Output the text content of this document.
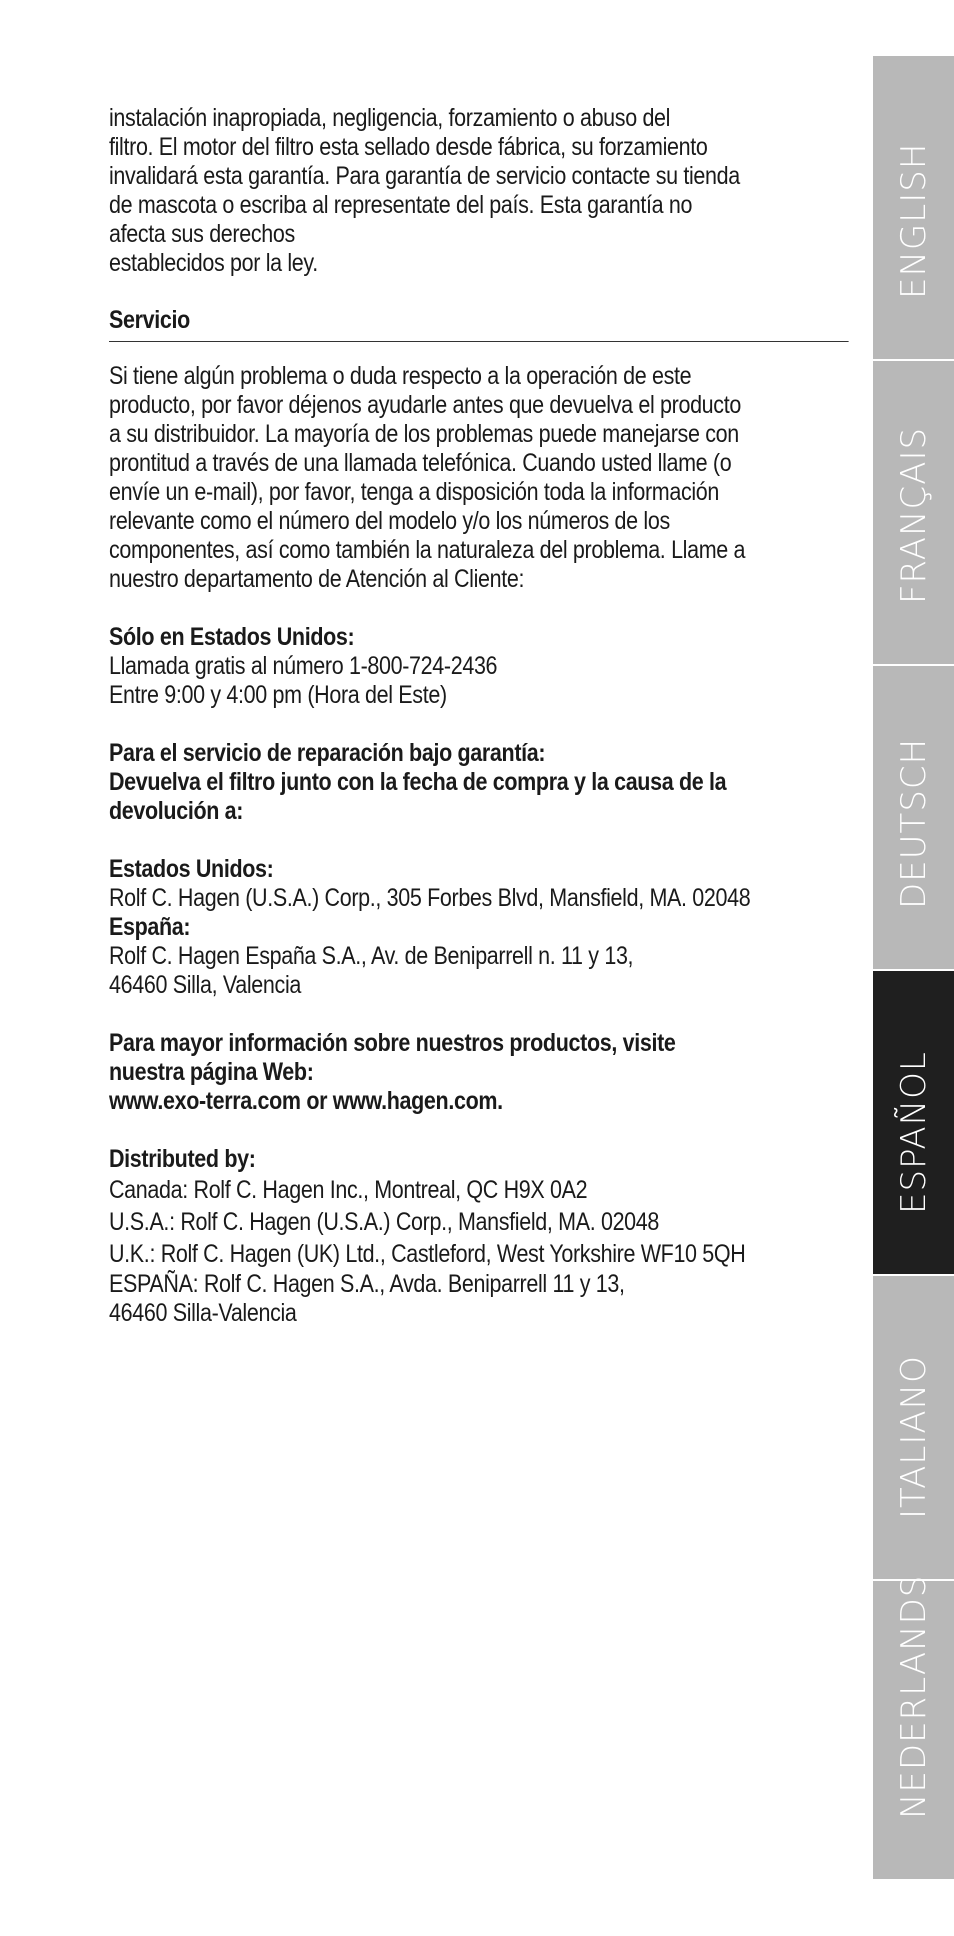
instalación inapropiada, negligencia, forzamiento o abuso del
filtro. El motor del filtro esta sellado desde fábrica, su forzamiento
invalidará esta garantía. Para garantía de servicio contacte su tienda
de mascota o escriba al representate del país. Esta garantía no
afecta sus derechos
establecidos por la ley.

Servicio

Si tiene algún problema o duda respecto a la operación de este
producto, por favor déjenos ayudarle antes que devuelva el producto
a su distribuidor. La mayoría de los problemas puede manejarse con
prontitud a través de una llamada telefónica. Cuando usted llame (o
envíe un e-mail), por favor, tenga a disposición toda la información
relevante como el número del modelo y/o los números de los
componentes, así como también la naturaleza del problema. Llame a
nuestro departamento de Atención al Cliente:

Sólo en Estados Unidos:
Llamada gratis al número 1-800-724-2436
Entre 9:00 y 4:00 pm (Hora del Este)

Para el servicio de reparación bajo garantía:
Devuelva el filtro junto con la fecha de compra y la causa de la
devolución a:

Estados Unidos:
Rolf C. Hagen (U.S.A.) Corp., 305 Forbes Blvd, Mansfield, MA. 02048
España:

Rolf C. Hagen España S.A., Av. de Beniparrell n. 11 y 13,
46460 Silla, Valencia

Para mayor información sobre nuestros productos, visite
nuestra página Web:
www.exo-terra.com or www.hagen.com.

Distributed by:

Canada: Rolf C. Hagen Inc., Montreal, QC H9X 0A2

U.S.A.: Rolf C. Hagen (U.S.A.) Corp., Mansfield, MA. 02048

U.K.: Rolf C. Hagen (UK) Ltd., Castleford, West Yorkshire WF10 5QH

ESPAÑA: Rolf C. Hagen S.A., Avda. Beniparrell 11 y 13,
46460 Silla-Valencia

ENGLISH
FRANÇAIS
DEUTSCH
ESPAÑOL
ITALIANO
NEDERLANDS
